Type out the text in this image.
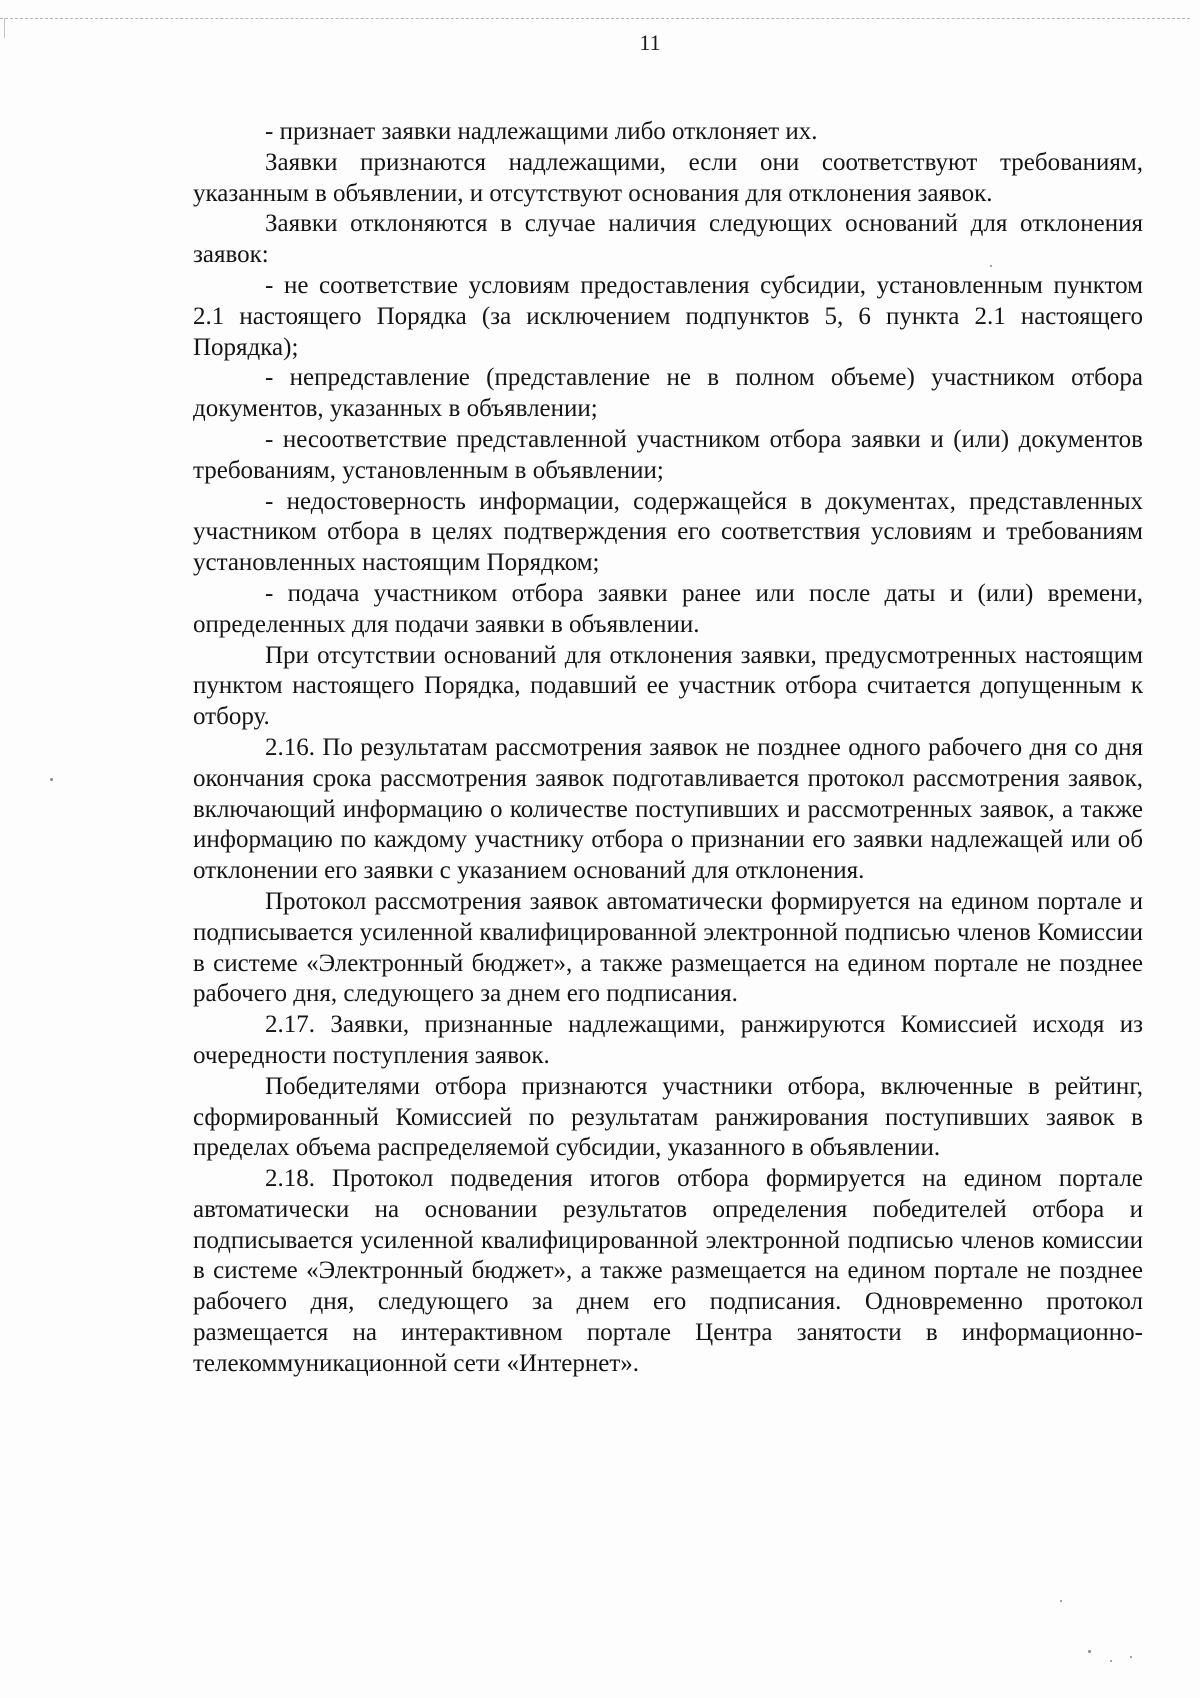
11

- признает заявки надлежащими либо отклоняет их.

Заявки признаются надлежащими, если они соответствуют требованиям, указанным в объявлении, и отсутствуют основания для отклонения заявок.

Заявки отклоняются в случае наличия следующих оснований для отклонения заявок:

- не соответствие условиям предоставления субсидии, установленным пунктом 2.1 настоящего Порядка (за исключением подпунктов 5, 6 пункта 2.1 настоящего Порядка);

- непредставление (представление не в полном объеме) участником отбора документов, указанных в объявлении;

- несоответствие представленной участником отбора заявки и (или) документов требованиям, установленным в объявлении;

- недостоверность информации, содержащейся в документах, представленных участником отбора в целях подтверждения его соответствия условиям и требованиям установленных настоящим Порядком;

- подача участником отбора заявки ранее или после даты и (или) времени, определенных для подачи заявки в объявлении.

При отсутствии оснований для отклонения заявки, предусмотренных настоящим пунктом настоящего Порядка, подавший ее участник отбора считается допущенным к отбору.

2.16. По результатам рассмотрения заявок не позднее одного рабочего дня со дня окончания срока рассмотрения заявок подготавливается протокол рассмотрения заявок, включающий информацию о количестве поступивших и рассмотренных заявок, а также информацию по каждому участнику отбора о признании его заявки надлежащей или об отклонении его заявки с указанием оснований для отклонения.

Протокол рассмотрения заявок автоматически формируется на едином портале и подписывается усиленной квалифицированной электронной подписью членов Комиссии в системе «Электронный бюджет», а также размещается на едином портале не позднее рабочего дня, следующего за днем его подписания.

2.17. Заявки, признанные надлежащими, ранжируются Комиссией исходя из очередности поступления заявок.

Победителями отбора признаются участники отбора, включенные в рейтинг, сформированный Комиссией по результатам ранжирования поступивших заявок в пределах объема распределяемой субсидии, указанного в объявлении.

2.18. Протокол подведения итогов отбора формируется на едином портале автоматически на основании результатов определения победителей отбора и подписывается усиленной квалифицированной электронной подписью членов комиссии в системе «Электронный бюджет», а также размещается на едином портале не позднее рабочего дня, следующего за днем его подписания. Одновременно протокол размещается на интерактивном портале Центра занятости в информационно-телекоммуникационной сети «Интернет».
